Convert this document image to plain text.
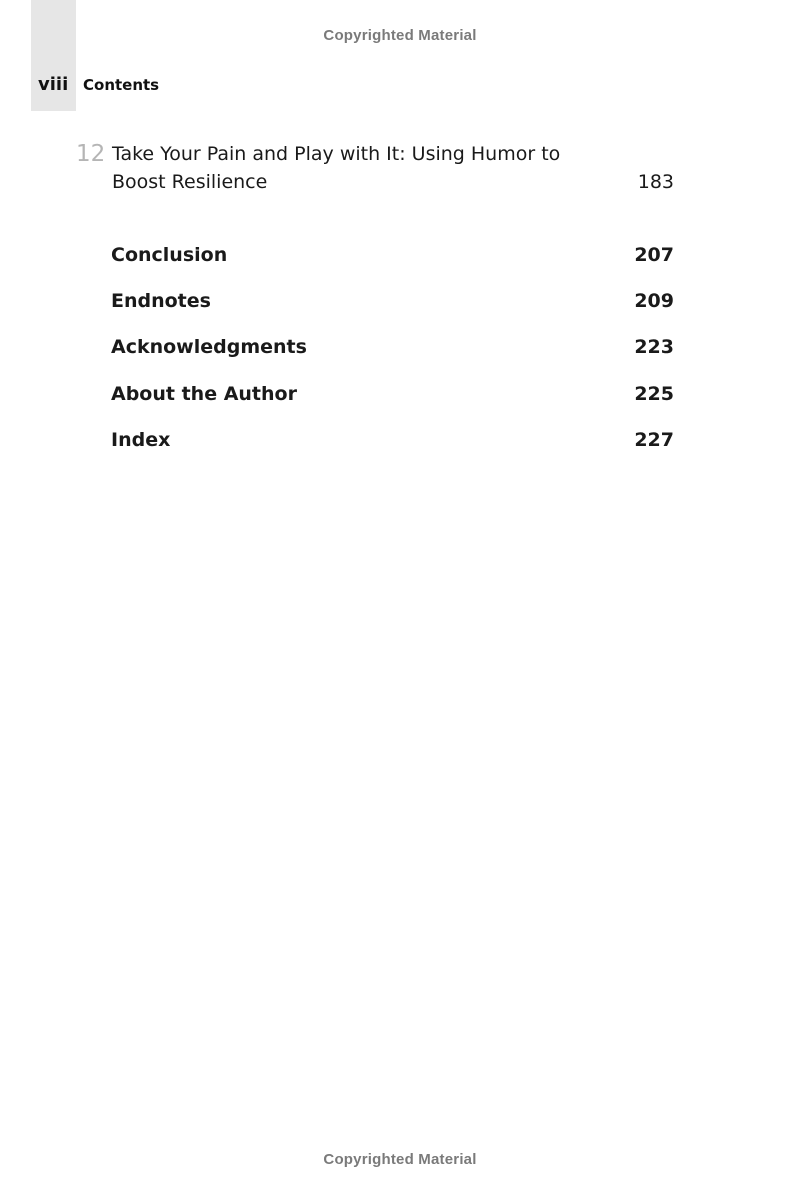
Copyrighted Material
viii Contents
12 Take Your Pain and Play with It: Using Humor to Boost Resilience	183
Conclusion	207
Endnotes	209
Acknowledgments	223
About the Author	225
Index	227
Copyrighted Material
